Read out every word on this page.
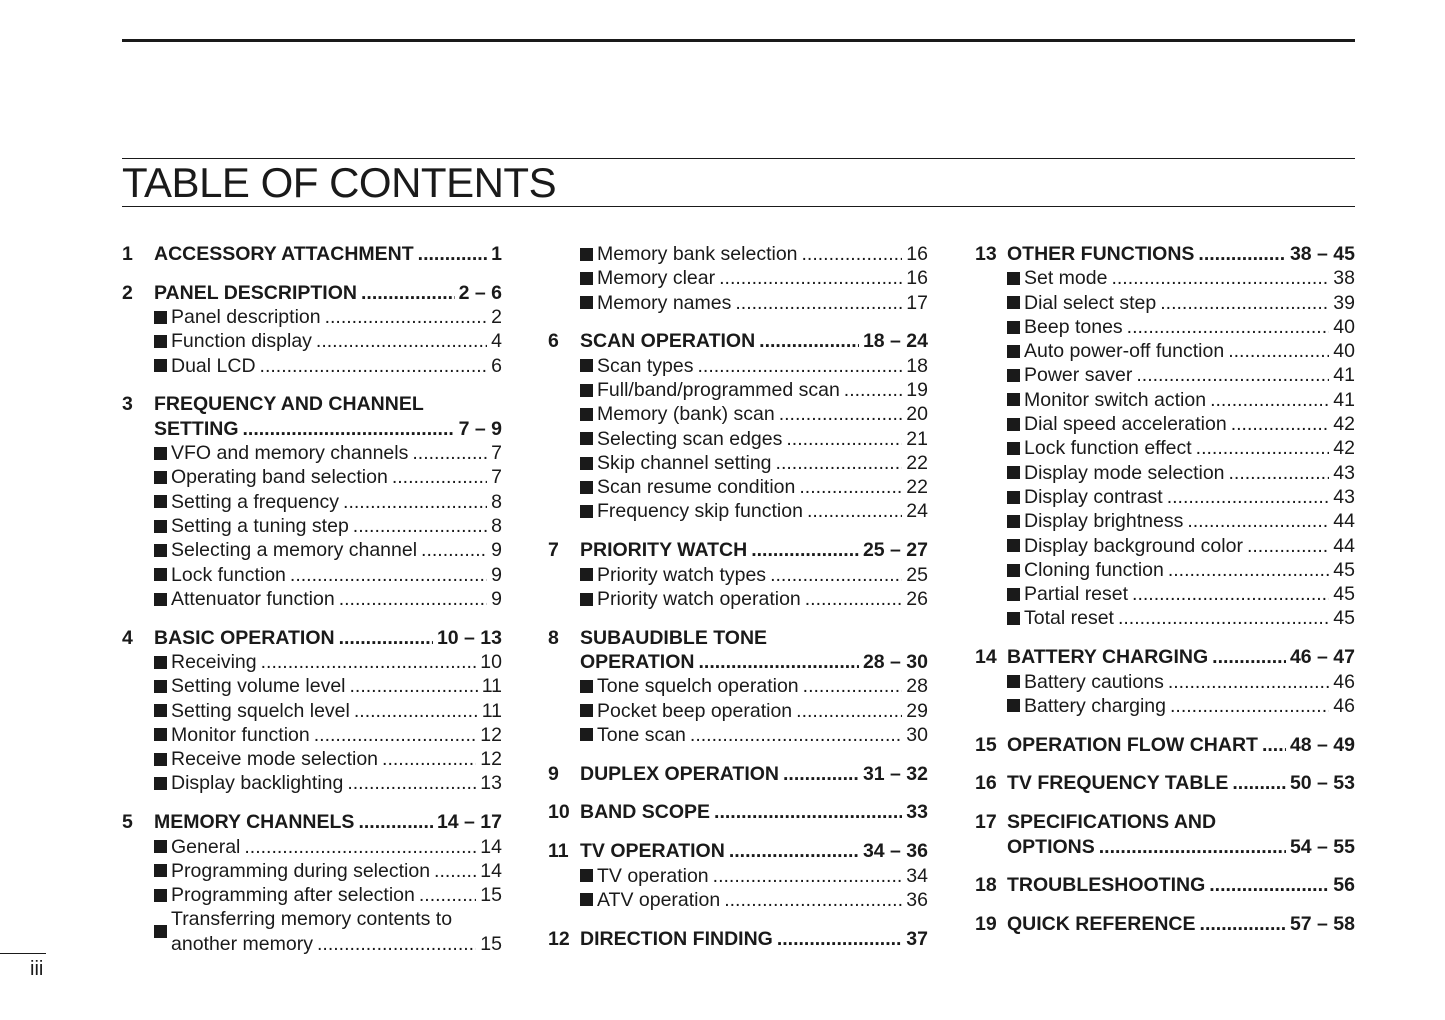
TABLE OF CONTENTS
1	ACCESSORY ATTACHMENT .....	1
2	PANEL DESCRIPTION .....	2 – 6
Panel description .....	2
Function display .....	4
Dual LCD .....	6
3	FREQUENCY AND CHANNEL
SETTING .....	7 – 9
VFO and memory channels .....	7
Operating band selection .....	7
Setting a frequency .....	8
Setting a tuning step .....	8
Selecting a memory channel .....	9
Lock function .....	9
Attenuator function .....	9
4	BASIC OPERATION .....	10 – 13
Receiving .....	10
Setting volume level .....	11
Setting squelch level .....	11
Monitor function .....	12
Receive mode selection .....	12
Display backlighting .....	13
5	MEMORY CHANNELS .....	14 – 17
General .....	14
Programming during selection .....	14
Programming after selection .....	15
Transferring memory contents to
another memory .....	15
Memory bank selection .....	16
Memory clear .....	16
Memory names .....	17
6	SCAN OPERATION .....	18 – 24
Scan types .....	18
Full/band/programmed scan .....	19
Memory (bank) scan .....	20
Selecting scan edges .....	21
Skip channel setting .....	22
Scan resume condition .....	22
Frequency skip function .....	24
7	PRIORITY WATCH .....	25 – 27
Priority watch types .....	25
Priority watch operation .....	26
8	SUBAUDIBLE TONE
OPERATION .....	28 – 30
Tone squelch operation .....	28
Pocket beep operation .....	29
Tone scan .....	30
9	DUPLEX OPERATION .....	31 – 32
10 BAND SCOPE .....	33
11 TV OPERATION .....	34 – 36
TV operation .....	34
ATV operation .....	36
12 DIRECTION FINDING .....	37
13 OTHER FUNCTIONS .....	38 – 45
Set mode .....	38
Dial select step .....	39
Beep tones .....	40
Auto power-off function .....	40
Power saver .....	41
Monitor switch action .....	41
Dial speed acceleration .....	42
Lock function effect .....	42
Display mode selection .....	43
Display contrast .....	43
Display brightness .....	44
Display background color .....	44
Cloning function .....	45
Partial reset .....	45
Total reset .....	45
14 BATTERY CHARGING .....	46 – 47
Battery cautions .....	46
Battery charging .....	46
15 OPERATION FLOW CHART ..... 48 – 49
16 TV FREQUENCY TABLE .....	50 – 53
17 SPECIFICATIONS AND
OPTIONS .....	54 – 55
18 TROUBLESHOOTING .....	56
19 QUICK REFERENCE .....	57 – 58
iii
